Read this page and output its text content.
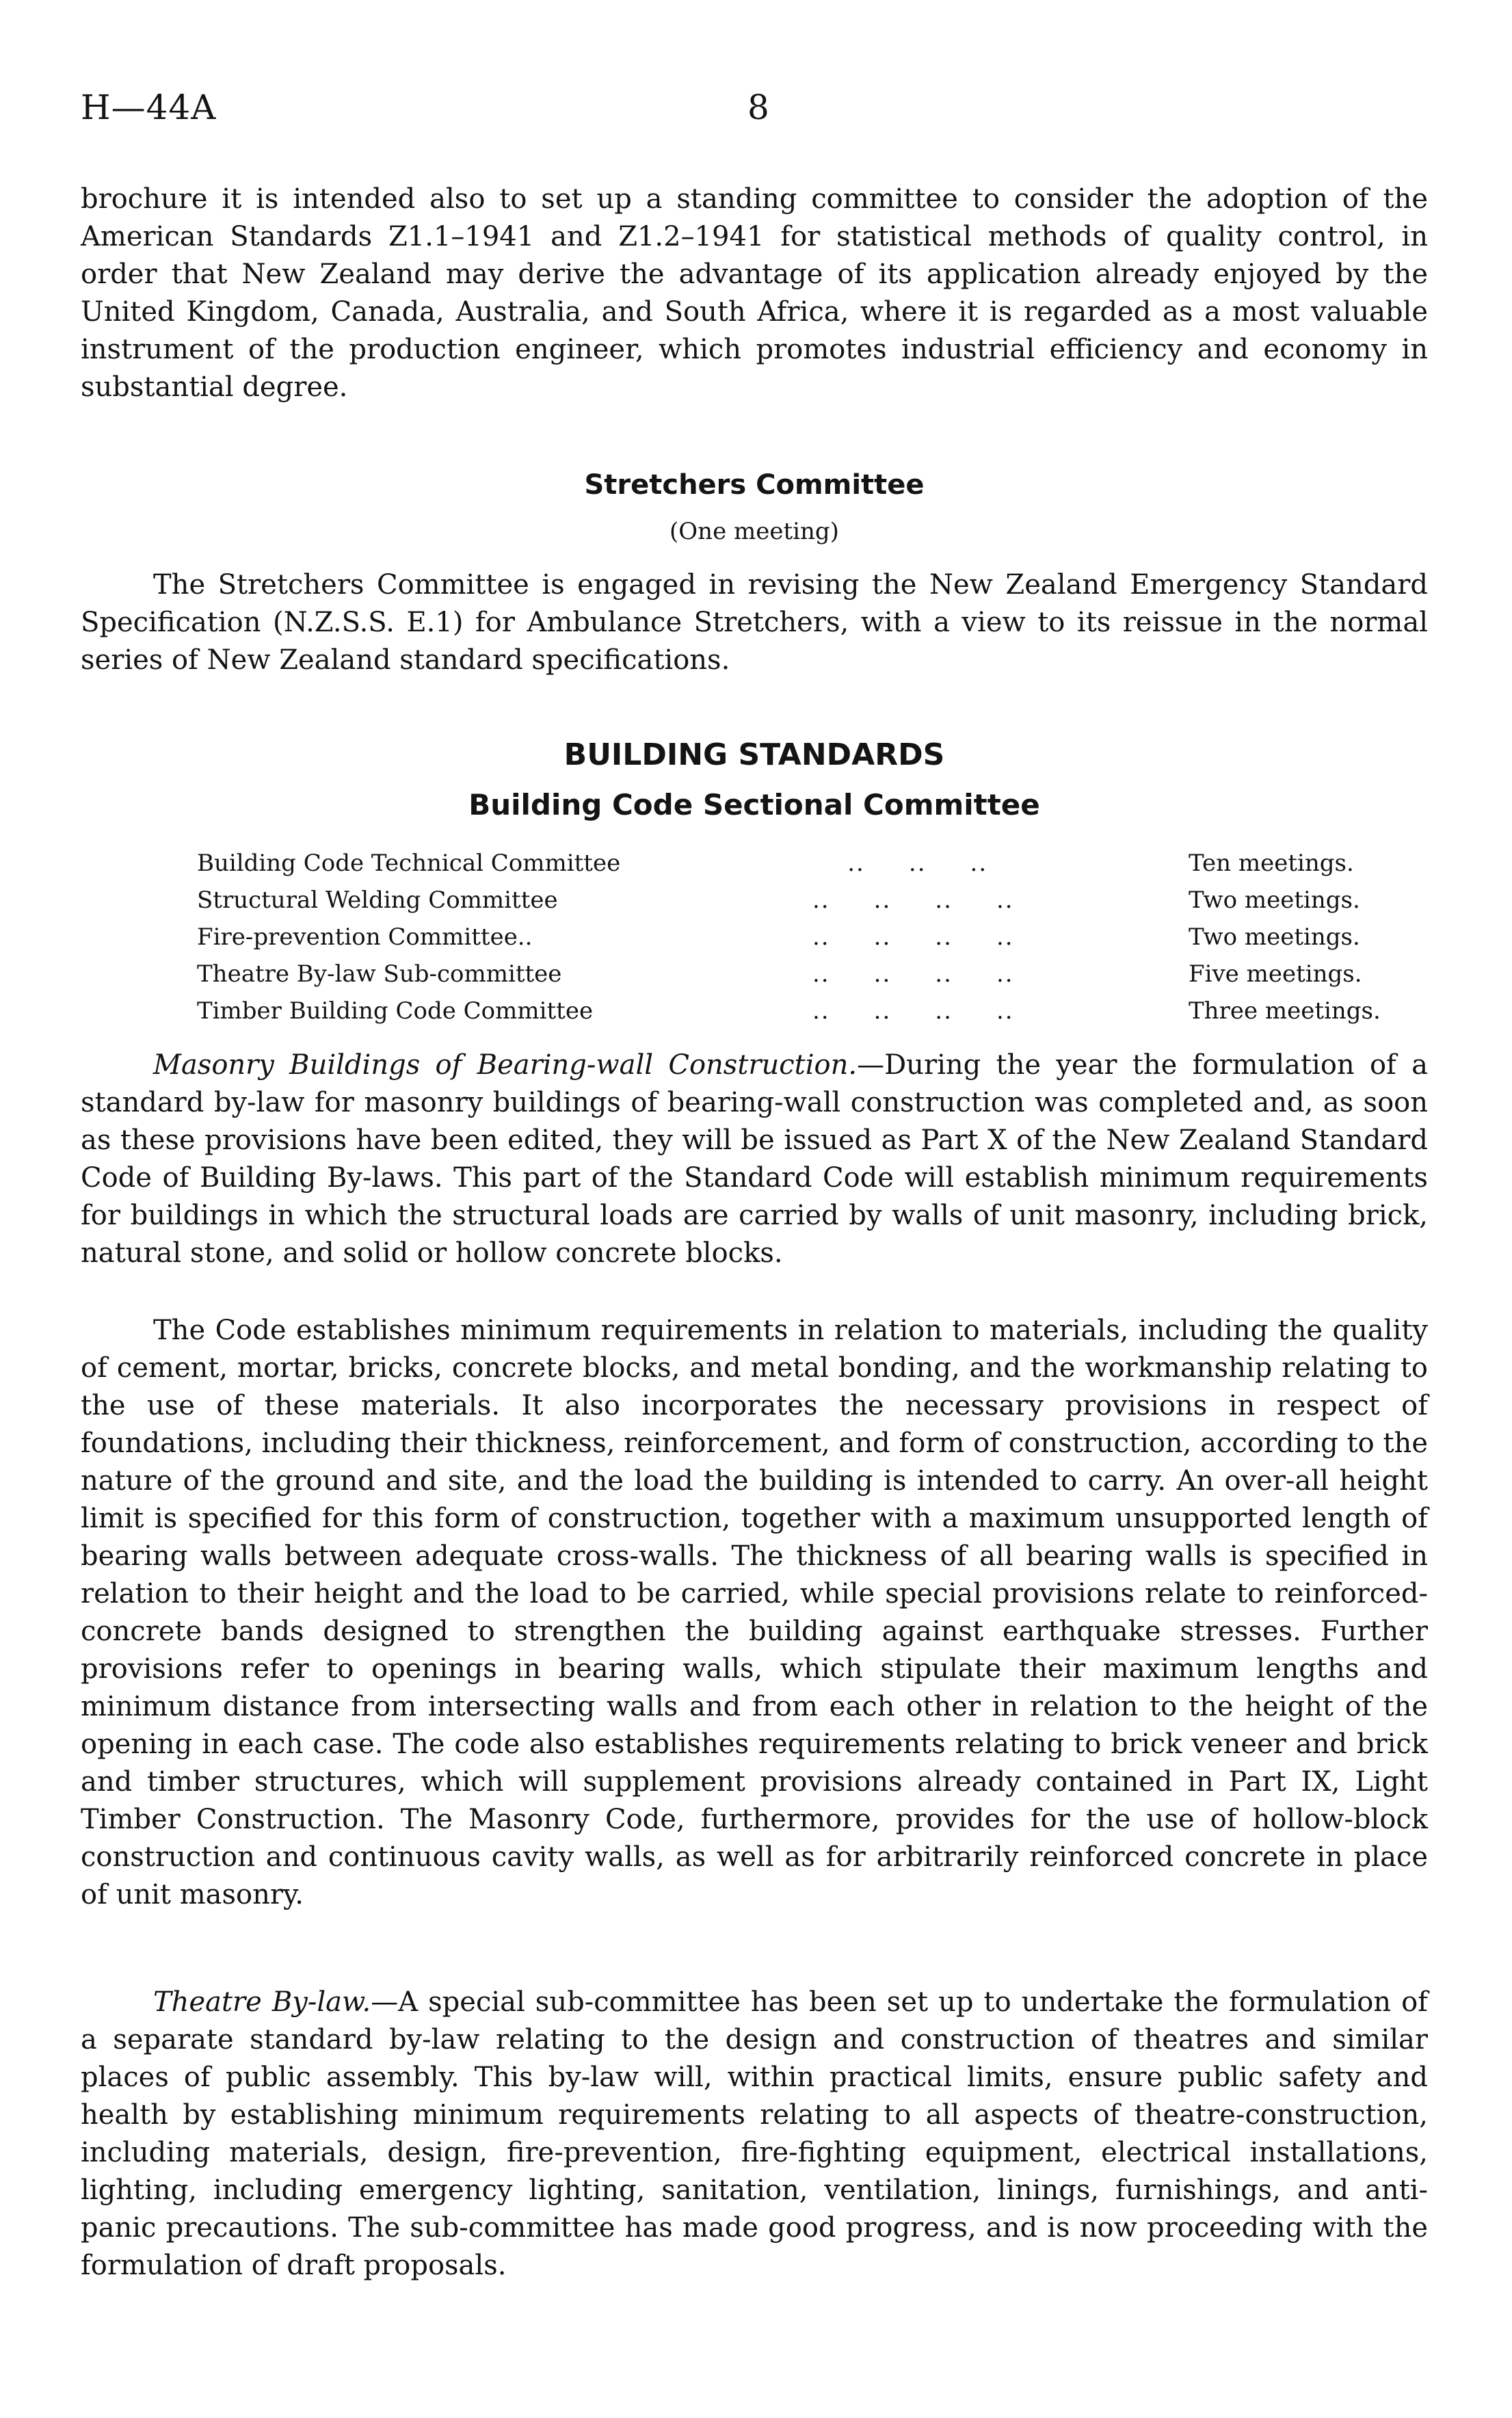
H—44A	8

brochure it is intended also to set up a standing committee to consider the adoption of the American Standards Z1.1–1941 and Z1.2–1941 for statistical methods of quality control, in order that New Zealand may derive the advantage of its application already enjoyed by the United Kingdom, Canada, Australia, and South Africa, where it is regarded as a most valuable instrument of the production engineer, which promotes industrial efficiency and economy in substantial degree.

Stretchers Committee

(One meeting)

The Stretchers Committee is engaged in revising the New Zealand Emergency Standard Specification (N.Z.S.S. E.1) for Ambulance Stretchers, with a view to its reissue in the normal series of New Zealand standard specifications.

BUILDING STANDARDS
Building Code Sectional Committee
Building Code Technical Committee	..     ..     ..	Ten meetings.
Structural Welding Committee	..     ..     ..     ..	Two meetings.
Fire-prevention Committee..	..     ..     ..     ..	Two meetings.
Theatre By-law Sub-committee	..     ..     ..     ..	Five meetings.
Timber Building Code Committee	..     ..     ..     ..	Three meetings.

Masonry Buildings of Bearing-wall Construction.—During the year the formulation of a standard by-law for masonry buildings of bearing-wall construction was completed and, as soon as these provisions have been edited, they will be issued as Part X of the New Zealand Standard Code of Building By-laws. This part of the Standard Code will establish minimum requirements for buildings in which the structural loads are carried by walls of unit masonry, including brick, natural stone, and solid or hollow concrete blocks.

The Code establishes minimum requirements in relation to materials, including the quality of cement, mortar, bricks, concrete blocks, and metal bonding, and the workmanship relating to the use of these materials. It also incorporates the necessary provisions in respect of foundations, including their thickness, reinforcement, and form of construction, according to the nature of the ground and site, and the load the building is intended to carry. An over-all height limit is specified for this form of construction, together with a maximum unsupported length of bearing walls between adequate cross-walls. The thickness of all bearing walls is specified in relation to their height and the load to be carried, while special provisions relate to reinforced-concrete bands designed to strengthen the building against earthquake stresses. Further provisions refer to openings in bearing walls, which stipulate their maximum lengths and minimum distance from intersecting walls and from each other in relation to the height of the opening in each case. The code also establishes requirements relating to brick veneer and brick and timber structures, which will supplement provisions already contained in Part IX, Light Timber Construction. The Masonry Code, furthermore, provides for the use of hollow-block construction and continuous cavity walls, as well as for arbitrarily reinforced concrete in place of unit masonry.

Theatre By-law.—A special sub-committee has been set up to undertake the formulation of a separate standard by-law relating to the design and construction of theatres and similar places of public assembly. This by-law will, within practical limits, ensure public safety and health by establishing minimum requirements relating to all aspects of theatre-construction, including materials, design, fire-prevention, fire-fighting equipment, electrical installations, lighting, including emergency lighting, sanitation, ventilation, linings, furnishings, and anti-panic precautions. The sub-committee has made good progress, and is now proceeding with the formulation of draft proposals.
